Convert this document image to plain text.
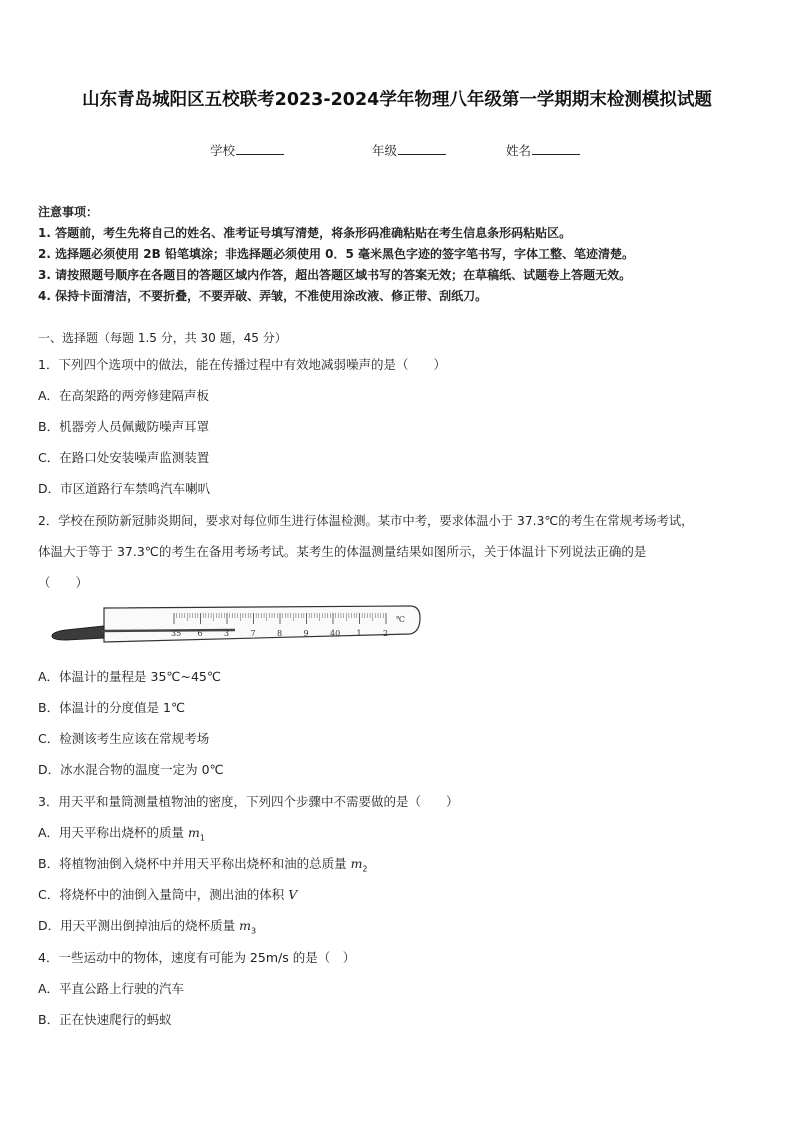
山东青岛城阳区五校联考2023-2024学年物理八年级第一学期期末检测模拟试题
学校	年级	姓名
注意事项：
1. 答题前，考生先将自己的姓名、准考证号填写清楚，将条形码准确粘贴在考生信息条形码粘贴区。
2. 选择题必须使用 2B 铅笔填涂；非选择题必须使用 0．5 毫米黑色字迹的签字笔书写，字体工整、笔迹清楚。
3. 请按照题号顺序在各题目的答题区域内作答，超出答题区域书写的答案无效；在草稿纸、试题卷上答题无效。
4. 保持卡面清洁，不要折叠，不要弄破、弄皱，不准使用涂改液、修正带、刮纸刀。
一、选择题（每题 1.5 分，共 30 题，45 分）
1．下列四个选项中的做法，能在传播过程中有效地减弱噪声的是（　　）
A．在高架路的两旁修建隔声板
B．机器旁人员佩戴防噪声耳罩
C．在路口处安装噪声监测装置
D．市区道路行车禁鸣汽车喇叭
2．学校在预防新冠肺炎期间，要求对每位师生进行体温检测。某市中考，要求体温小于 37.3℃的考生在常规考场考试，
体温大于等于 37.3℃的考生在备用考场考试。某考生的体温测量结果如图所示，关于体温计下列说法正确的是
（　　）
35 6	3	7	8	9	40 1	2
℃
A．体温计的量程是 35℃~45℃
B．体温计的分度值是 1℃
C．检测该考生应该在常规考场
D．冰水混合物的温度一定为 0℃
3．用天平和量筒测量植物油的密度，下列四个步骤中不需要做的是（　　）
A．用天平称出烧杯的质量 $m_1$
B．将植物油倒入烧杯中并用天平称出烧杯和油的总质量 $m_2$
C．将烧杯中的油倒入量筒中，测出油的体积 V
D．用天平测出倒掉油后的烧杯质量 $m_3$
4．一些运动中的物体，速度有可能为 25m/s 的是（　）
A．平直公路上行驶的汽车
B．正在快速爬行的蚂蚁
